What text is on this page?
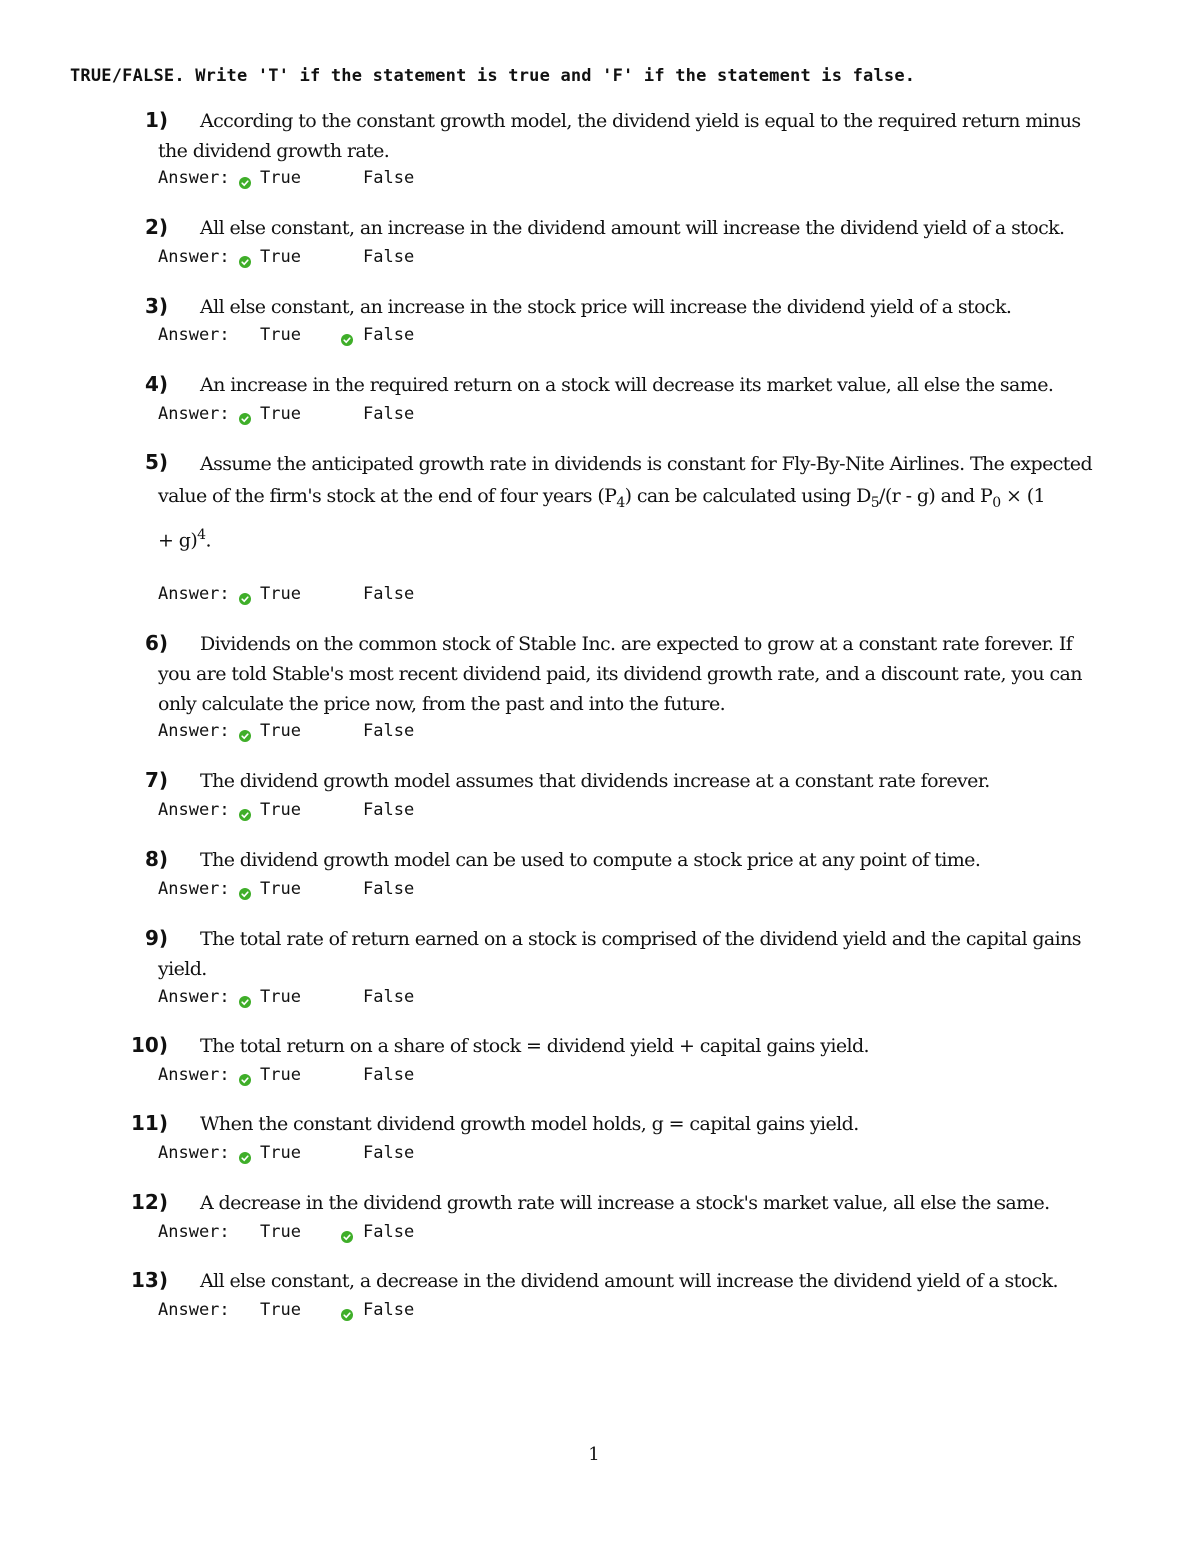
TRUE/FALSE. Write 'T' if the statement is true and 'F' if the statement is false.
1)	According to the constant growth model, the dividend yield is equal to the required return minus the dividend growth rate.
Answer: True	False
2)	All else constant, an increase in the dividend amount will increase the dividend yield of a stock.
Answer: True	False
3)	All else constant, an increase in the stock price will increase the dividend yield of a stock.
Answer: True	False
4)	An increase in the required return on a stock will decrease its market value, all else the same.
Answer: True	False
5)	Assume the anticipated growth rate in dividends is constant for Fly-By-Nite Airlines. The expected value of the firm's stock at the end of four years $(P_4)$ can be calculated using $D_5/(r - g)$ and $P_0 \times (1$
+ g)$^4$.
Answer: True	False
6)	Dividends on the common stock of Stable Inc. are expected to grow at a constant rate forever. If you are told Stable's most recent dividend paid, its dividend growth rate, and a discount rate, you can only calculate the price now, from the past and into the future.
Answer: True	False
7)	The dividend growth model assumes that dividends increase at a constant rate forever.
Answer: True	False
8)	The dividend growth model can be used to compute a stock price at any point of time.
Answer: True	False
9)	The total rate of return earned on a stock is comprised of the dividend yield and the capital gains yield.
Answer: True	False
10)	The total return on a share of stock = dividend yield + capital gains yield.
Answer: True	False
11)	When the constant dividend growth model holds, g = capital gains yield.
Answer: True	False
12)	A decrease in the dividend growth rate will increase a stock's market value, all else the same.
Answer: True	False
13)	All else constant, a decrease in the dividend amount will increase the dividend yield of a stock.
Answer: True	False
1
